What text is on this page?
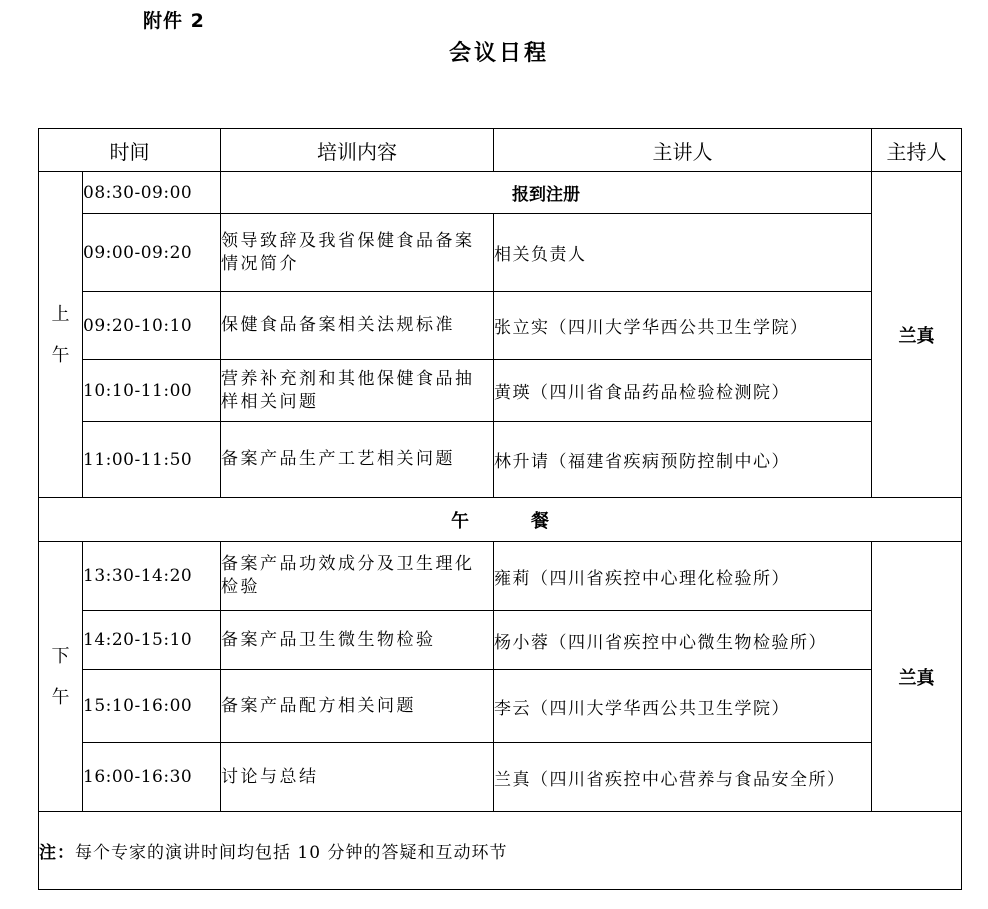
附件 2
会议日程
时间		培训内容	主讲人	主持人

上
午	08:30-09:00	报到注册		兰真
	09:00-09:20	领导致辞及我省保健食品备案情况简介	相关负责人	
	09:20-10:10	保健食品备案相关法规标准	张立实（四川大学华西公共卫生学院）	
	10:10-11:00	营养补充剂和其他保健食品抽样相关问题	黄瑛（四川省食品药品检验检测院）	
	11:00-11:50	备案产品生产工艺相关问题	林升请（福建省疾病预防控制中心）	
午 餐				

下
午	13:30-14:20	备案产品功效成分及卫生理化检验	雍莉（四川省疾控中心理化检验所）	兰真
	14:20-15:10	备案产品卫生微生物检验	杨小蓉（四川省疾控中心微生物检验所）	
	15:10-16:00	备案产品配方相关问题	李云（四川大学华西公共卫生学院）	
	16:00-16:30	讨论与总结	兰真（四川省疾控中心营养与食品安全所）	
注：每个专家的演讲时间均包括 10 分钟的答疑和互动环节				
